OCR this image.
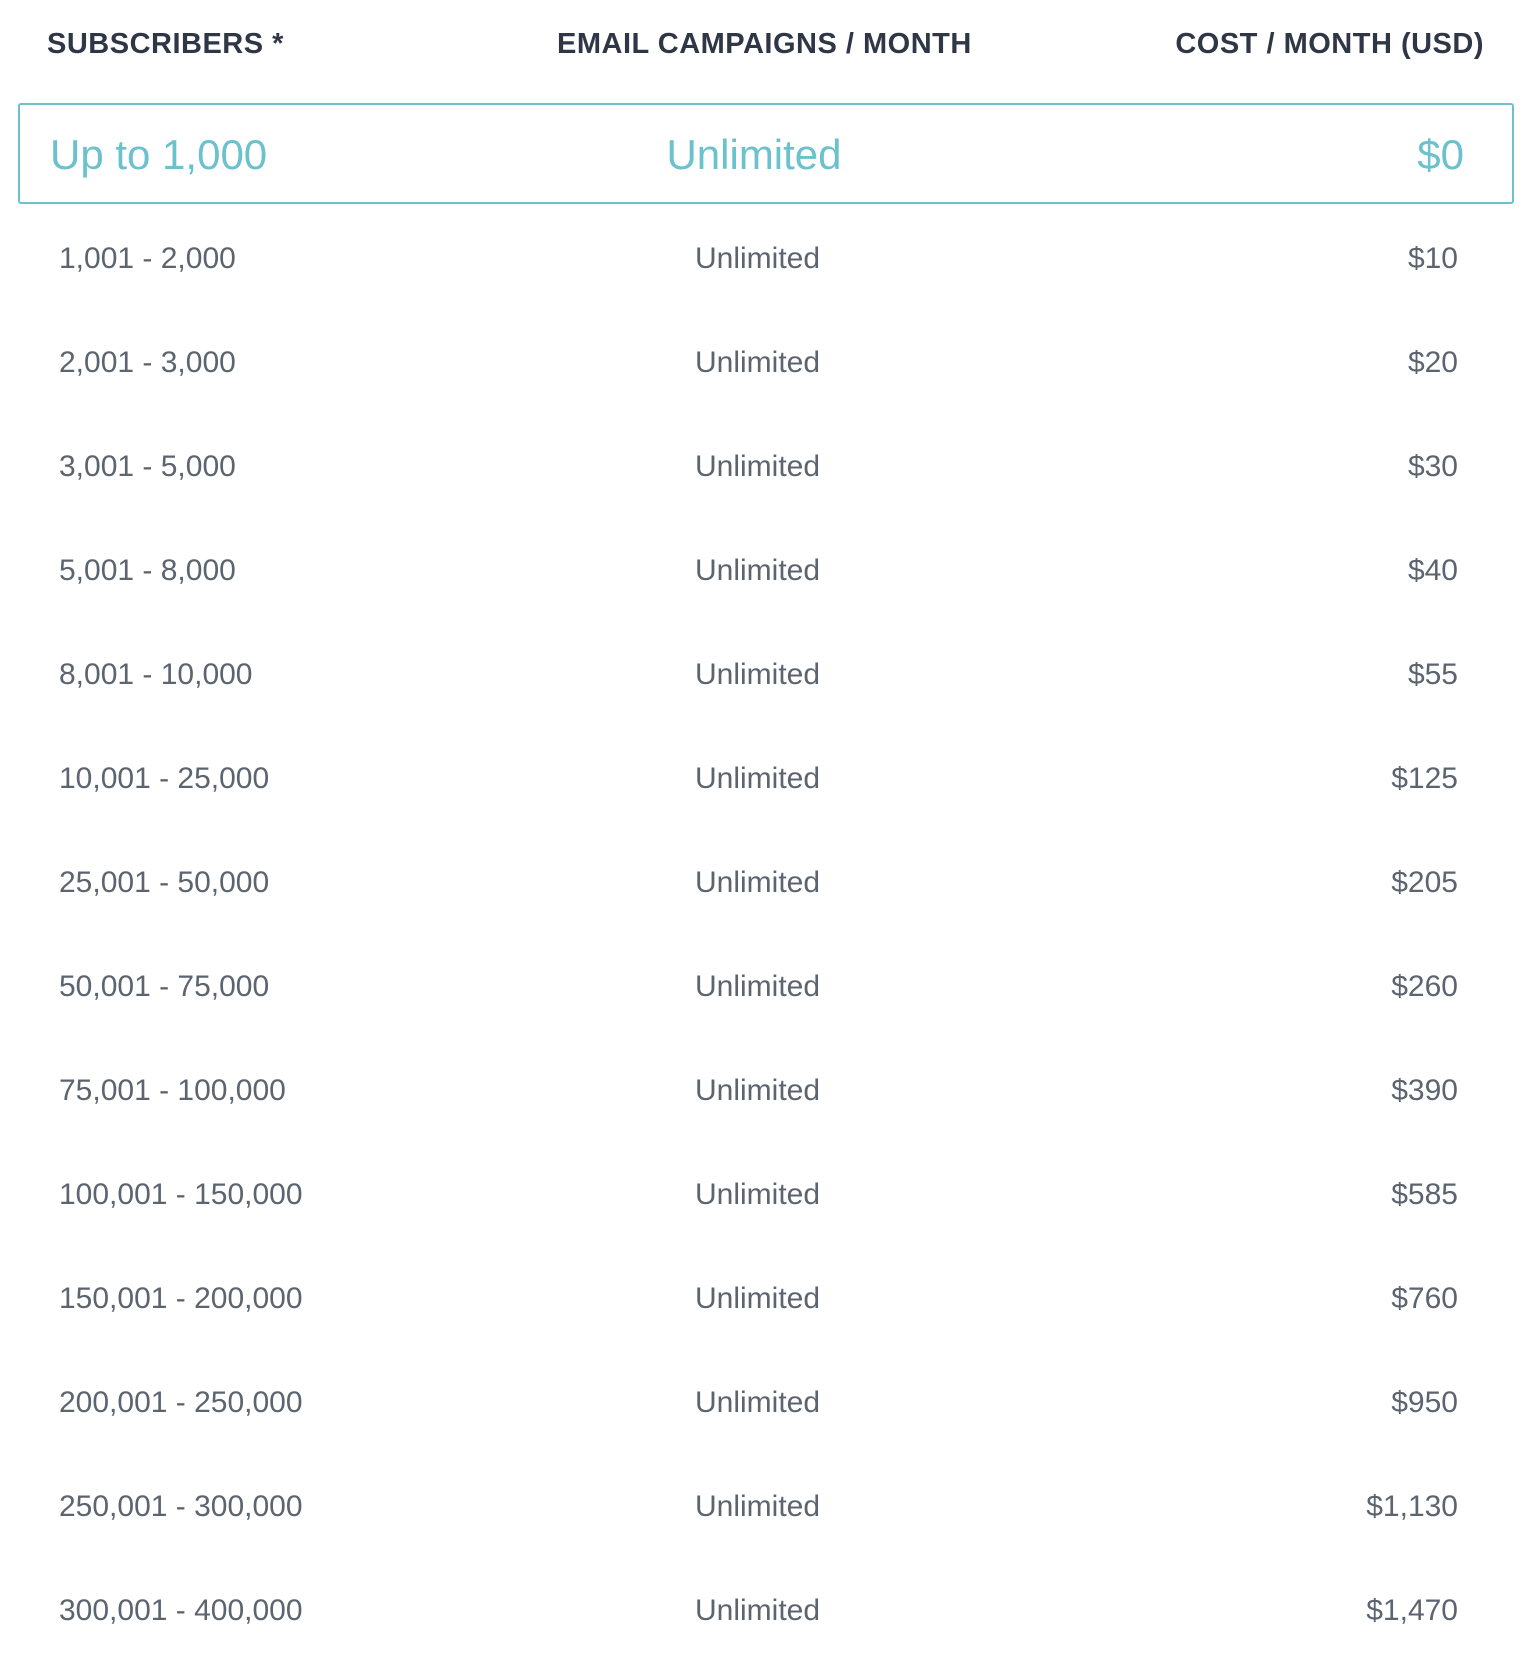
SUBSCRIBERS *	EMAIL CAMPAIGNS / MONTH	COST / MONTH (USD)
Up to 1,000	Unlimited	$0
1,001 - 2,000	Unlimited	$10
2,001 - 3,000	Unlimited	$20
3,001 - 5,000	Unlimited	$30
5,001 - 8,000	Unlimited	$40
8,001 - 10,000	Unlimited	$55
10,001 - 25,000	Unlimited	$125
25,001 - 50,000	Unlimited	$205
50,001 - 75,000	Unlimited	$260
75,001 - 100,000	Unlimited	$390
100,001 - 150,000	Unlimited	$585
150,001 - 200,000	Unlimited	$760
200,001 - 250,000	Unlimited	$950
250,001 - 300,000	Unlimited	$1,130
300,001 - 400,000	Unlimited	$1,470
